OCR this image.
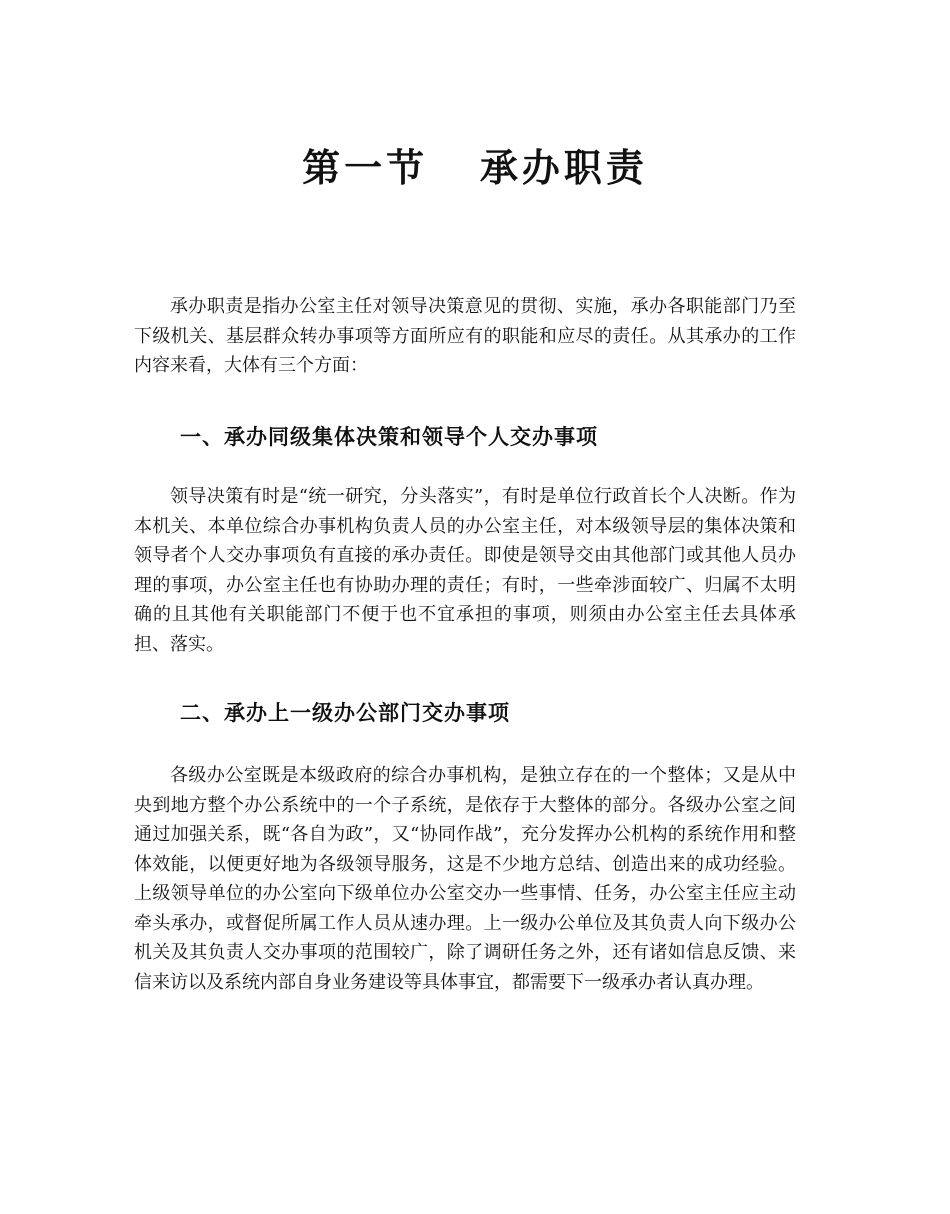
第一节   承办职责

承办职责是指办公室主任对领导决策意见的贯彻、实施，承办各职能部门乃至下级机关、基层群众转办事项等方面所应有的职能和应尽的责任。从其承办的工作内容来看，大体有三个方面：

一、承办同级集体决策和领导个人交办事项

领导决策有时是“统一研究，分头落实”，有时是单位行政首长个人决断。作为本机关、本单位综合办事机构负责人员的办公室主任，对本级领导层的集体决策和领导者个人交办事项负有直接的承办责任。即使是领导交由其他部门或其他人员办理的事项，办公室主任也有协助办理的责任；有时，一些牵涉面较广、归属不太明确的且其他有关职能部门不便于也不宜承担的事项，则须由办公室主任去具体承担、落实。

二、承办上一级办公部门交办事项

各级办公室既是本级政府的综合办事机构，是独立存在的一个整体；又是从中央到地方整个办公系统中的一个子系统，是依存于大整体的部分。各级办公室之间通过加强关系，既“各自为政”，又“协同作战”，充分发挥办公机构的系统作用和整体效能，以便更好地为各级领导服务，这是不少地方总结、创造出来的成功经验。上级领导单位的办公室向下级单位办公室交办一些事情、任务，办公室主任应主动牵头承办，或督促所属工作人员从速办理。上一级办公单位及其负责人向下级办公机关及其负责人交办事项的范围较广，除了调研任务之外，还有诸如信息反馈、来信来访以及系统内部自身业务建设等具体事宜，都需要下一级承办者认真办理。
